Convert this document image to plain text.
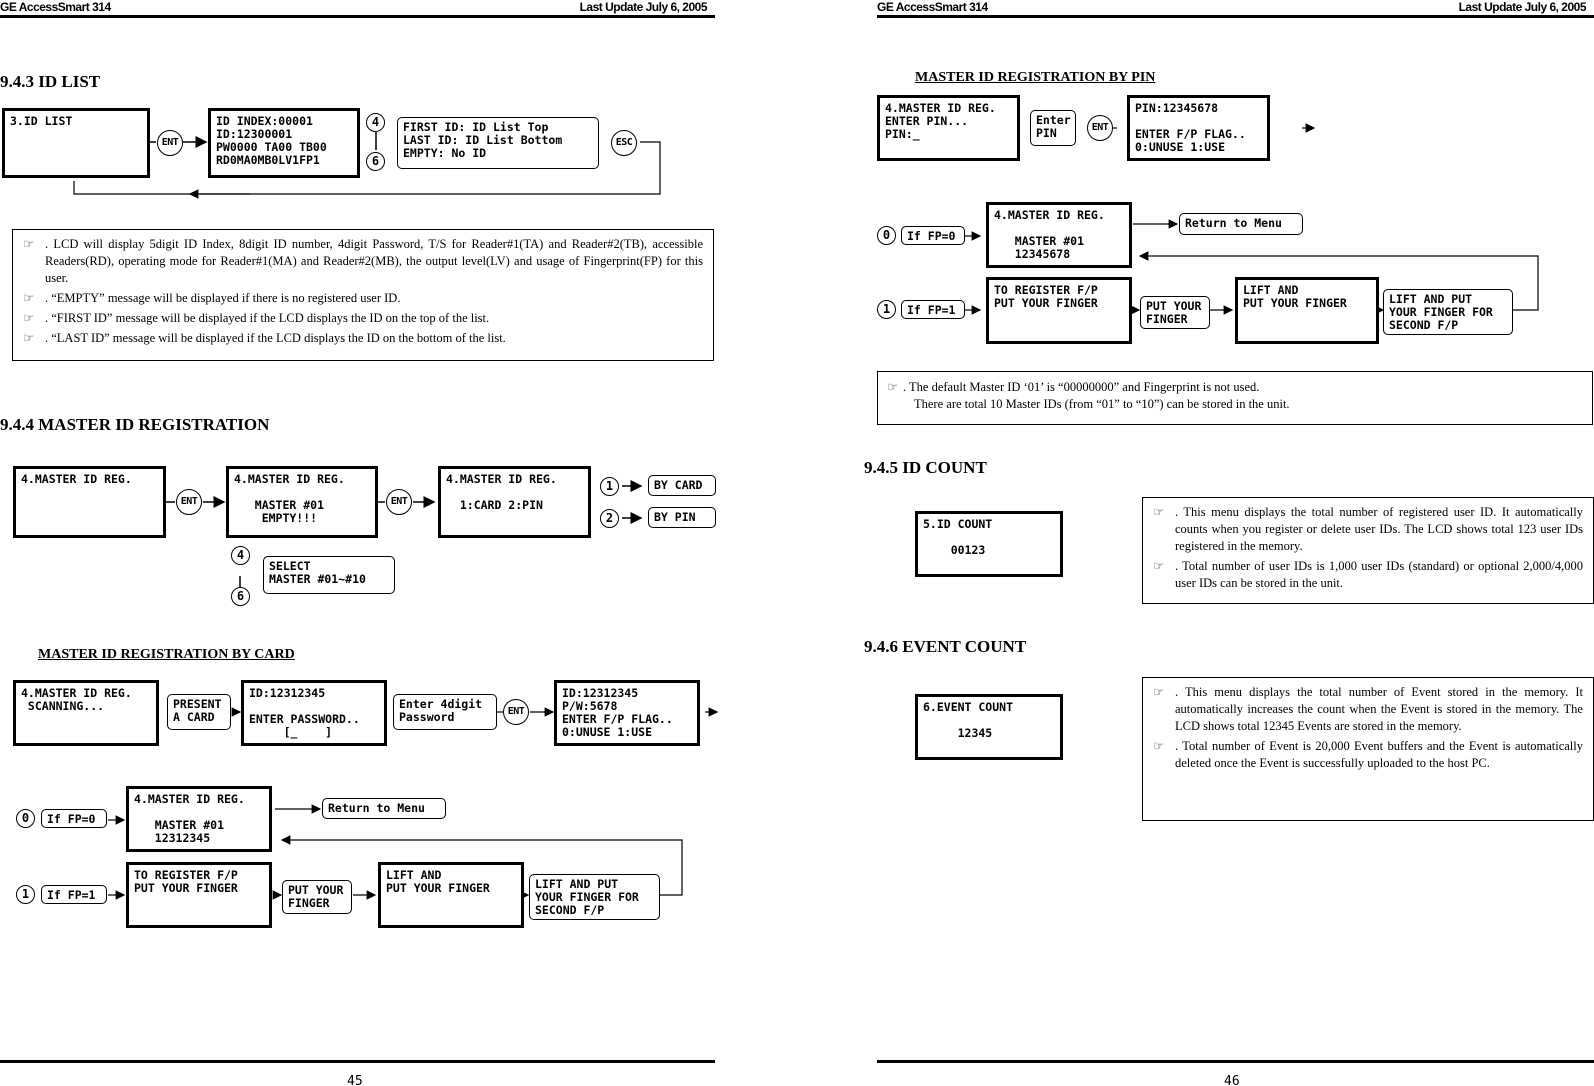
GE AccessSmart 314	Last Update July 6, 2005
9.4.3 ID LIST
3.ID LIST
ENT
ID INDEX:00001
ID:12300001
PW0000 TA00 TB00
RD0MA0MB0LV1FP1
4
6
FIRST ID: ID List Top
LAST ID: ID List Bottom
EMPTY: No ID
ESC

☞ . LCD will display 5digit ID Index, 8digit ID number, 4digit Password, T/S for Reader#1(TA) and Reader#2(TB), accessible Readers(RD), operating mode for Reader#1(MA) and Reader#2(MB), the output level(LV) and usage of Fingerprint(FP) for this user.

☞ . “EMPTY” message will be displayed if there is no registered user ID.

☞ . “FIRST ID” message will be displayed if the LCD displays the ID on the top of the list.

☞ . “LAST ID” message will be displayed if the LCD displays the ID on the bottom of the list.

9.4.4 MASTER ID REGISTRATION
4.MASTER ID REG.
ENT
4.MASTER ID REG.

MASTER #01
EMPTY!!!
ENT
4.MASTER ID REG.

1:CARD 2:PIN
1
2
BY CARD
BY PIN
4
6
SELECT
MASTER #01~#10
MASTER ID REGISTRATION BY CARD
4.MASTER ID REG.
SCANNING...	PRESENT
A CARD
ID:12312345

ENTER PASSWORD..
[_    ]
Enter 4digit
Password	ENT
ID:12312345
P/W:5678
ENTER F/P FLAG..
0:UNUSE 1:USE
0	If FP=0
4.MASTER ID REG.

MASTER #01
12312345
Return to Menu
1	If FP=1
TO REGISTER F/P
PUT YOUR FINGER	PUT YOUR
FINGER
LIFT AND
PUT YOUR FINGER	LIFT AND PUT
YOUR FINGER FOR
SECOND F/P
45
GE AccessSmart 314	Last Update July 6, 2005
MASTER ID REGISTRATION BY PIN
4.MASTER ID REG.
ENTER PIN...
PIN:_
Enter
PIN	ENT
PIN:12345678

ENTER F/P FLAG..
0:UNUSE 1:USE
0	If FP=0
4.MASTER ID REG.

MASTER #01
12345678
Return to Menu
1	If FP=1
TO REGISTER F/P
PUT YOUR FINGER	PUT YOUR
FINGER
LIFT AND
PUT YOUR FINGER	LIFT AND PUT
YOUR FINGER FOR
SECOND F/P
☞ . The default Master ID ‘01’ is “00000000” and Fingerprint is not used.
There are total 10 Master IDs (from “01” to “10”) can be stored in the unit.
9.4.5 ID COUNT
5.ID COUNT

00123

☞ . This menu displays the total number of registered user ID. It automatically counts when you register or delete user IDs. The LCD shows total 123 user IDs registered in the memory.

☞ . Total number of user IDs is 1,000 user IDs (standard) or optional 2,000/4,000 user IDs can be stored in the unit.

9.4.6 EVENT COUNT
6.EVENT COUNT

12345

☞ . This menu displays the total number of Event stored in the memory. It automatically increases the count when the Event is stored in the memory. The LCD shows total 12345 Events are stored in the memory.

☞ . Total number of Event is 20,000 Event buffers and the Event is automatically deleted once the Event is successfully uploaded to the host PC.

46
